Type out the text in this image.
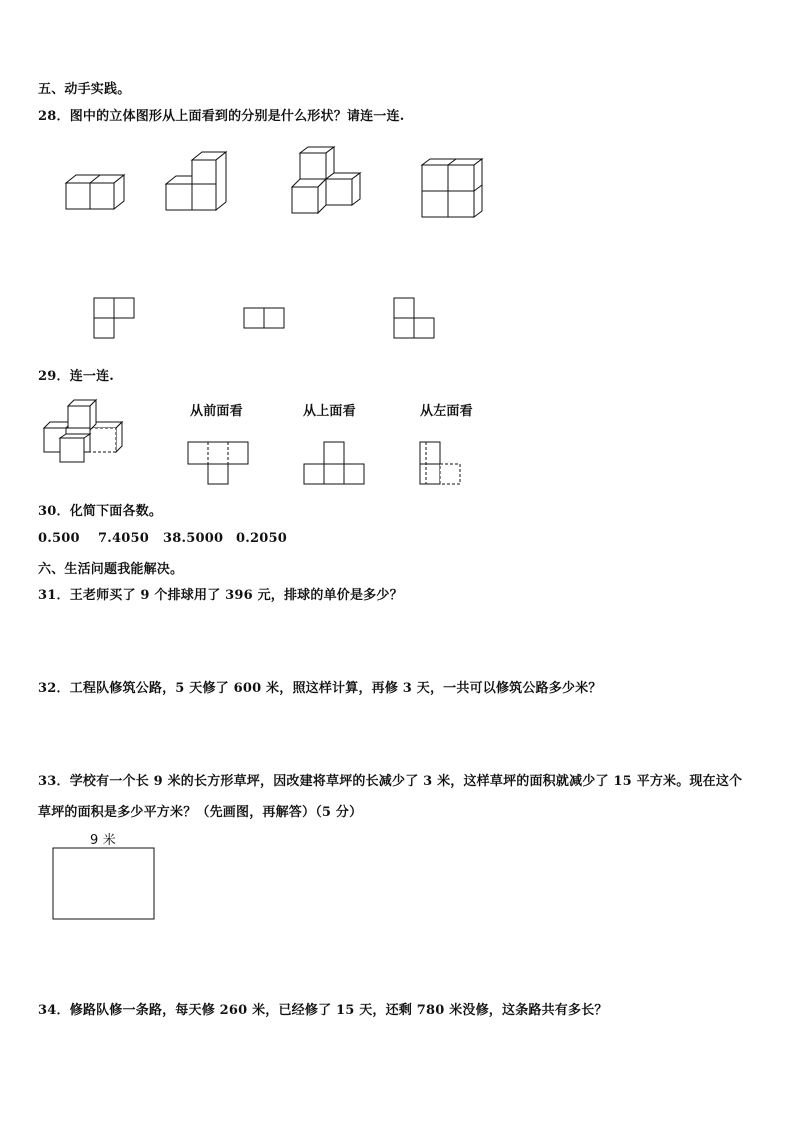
五、动手实践。
28．图中的立体图形从上面看到的分别是什么形状？请连一连.
29．连一连.
从前面看	从上面看	从左面看
30．化简下面各数。
0.500 7.4050 38.5000 0.2050
六、生活问题我能解决。
31．王老师买了 9 个排球用了 396 元，排球的单价是多少？
32．工程队修筑公路，5 天修了 600 米，照这样计算，再修 3 天，一共可以修筑公路多少米？
33．学校有一个长 9 米的长方形草坪，因改建将草坪的长减少了 3 米，这样草坪的面积就减少了 15 平方米。现在这个
草坪的面积是多少平方米？（先画图，再解答）（5 分）
9 米
34．修路队修一条路，每天修 260 米，已经修了 15 天，还剩 780 米没修，这条路共有多长？
